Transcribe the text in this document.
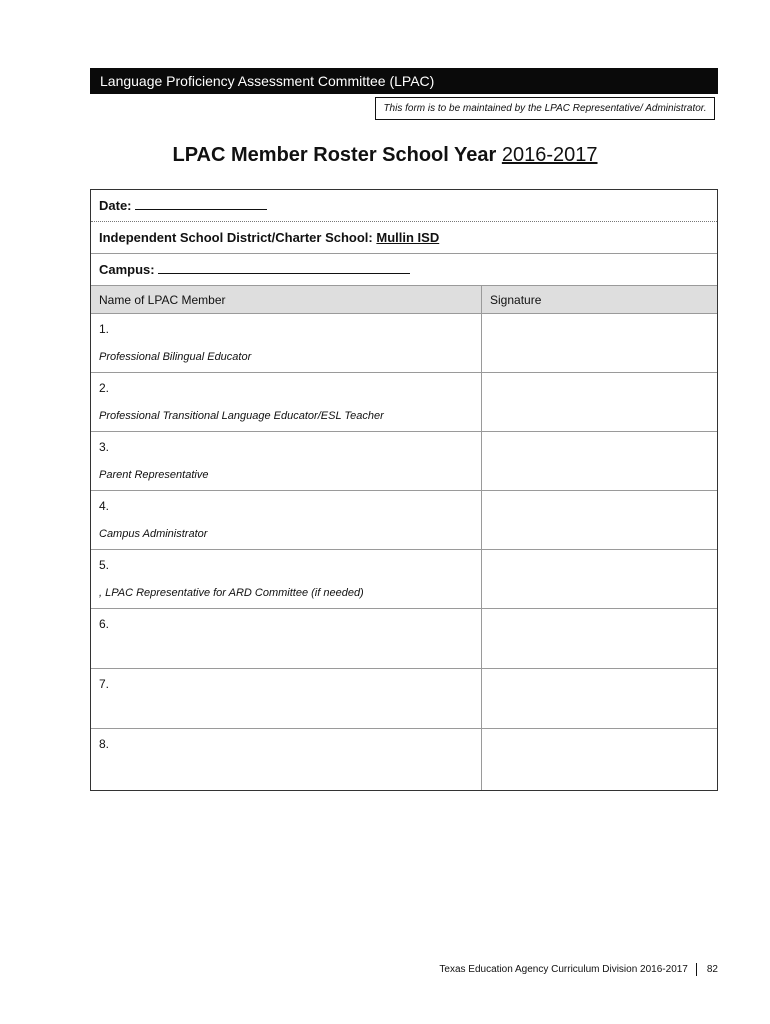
Language Proficiency Assessment Committee (LPAC)
This form is to be maintained by the LPAC Representative/ Administrator.
LPAC Member Roster School Year 2016-2017
Date:
Independent School District/Charter School: Mullin ISD
Campus:
Name of LPAC Member	Signature
1.
Professional Bilingual Educator
2.
Professional Transitional Language Educator/ESL Teacher
3.
Parent Representative
4.
Campus Administrator
5.
, LPAC Representative for ARD Committee (if needed)
6.
7.
8.
Texas Education Agency Curriculum Division 2016-2017 82
